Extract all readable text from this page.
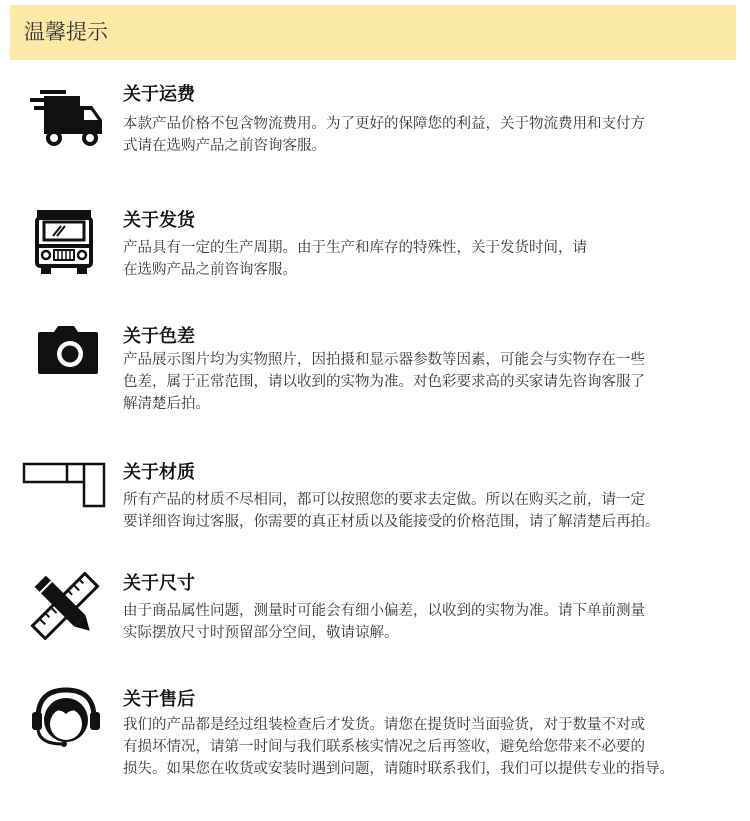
温馨提示
关于运费
本款产品价格不包含物流费用。为了更好的保障您的利益，关于物流费用和支付方
式请在选购产品之前咨询客服。
关于发货
产品具有一定的生产周期。由于生产和库存的特殊性，关于发货时间，请
在选购产品之前咨询客服。
关于色差
产品展示图片均为实物照片，因拍摄和显示器参数等因素，可能会与实物存在一些
色差，属于正常范围，请以收到的实物为准。对色彩要求高的买家请先咨询客服了
解清楚后拍。
关于材质
所有产品的材质不尽相同，都可以按照您的要求去定做。所以在购买之前，请一定
要详细咨询过客服，你需要的真正材质以及能接受的价格范围，请了解清楚后再拍。
关于尺寸
由于商品属性问题，测量时可能会有细小偏差，以收到的实物为准。请下单前测量
实际摆放尺寸时预留部分空间，敬请谅解。
关于售后
我们的产品都是经过组装检查后才发货。请您在提货时当面验货，对于数量不对或
有损坏情况，请第一时间与我们联系核实情况之后再签收，避免给您带来不必要的
损失。如果您在收货或安装时遇到问题，请随时联系我们，我们可以提供专业的指导。
